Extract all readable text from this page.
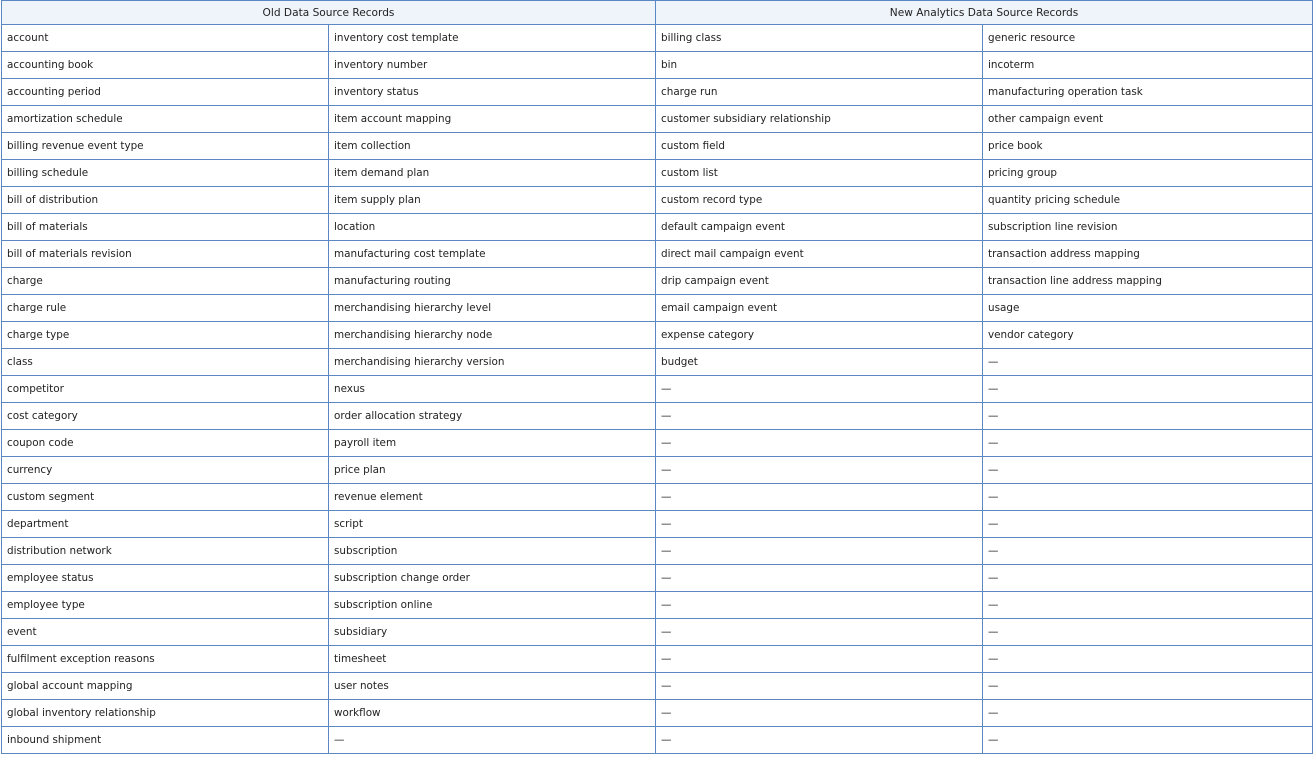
Old Data Source Records		New Analytics Data Source Records	
account	inventory cost template	billing class	generic resource
accounting book	inventory number	bin	incoterm
accounting period	inventory status	charge run	manufacturing operation task
amortization schedule	item account mapping	customer subsidiary relationship	other campaign event
billing revenue event type	item collection	custom field	price book
billing schedule	item demand plan	custom list	pricing group
bill of distribution	item supply plan	custom record type	quantity pricing schedule
bill of materials	location	default campaign event	subscription line revision
bill of materials revision	manufacturing cost template	direct mail campaign event	transaction address mapping
charge	manufacturing routing	drip campaign event	transaction line address mapping
charge rule	merchandising hierarchy level	email campaign event	usage
charge type	merchandising hierarchy node	expense category	vendor category
class	merchandising hierarchy version	budget	—
competitor	nexus	—	—
cost category	order allocation strategy	—	—
coupon code	payroll item	—	—
currency	price plan	—	—
custom segment	revenue element	—	—
department	script	—	—
distribution network	subscription	—	—
employee status	subscription change order	—	—
employee type	subscription online	—	—
event	subsidiary	—	—
fulfilment exception reasons	timesheet	—	—
global account mapping	user notes	—	—
global inventory relationship	workflow	—	—
inbound shipment	—	—	—
